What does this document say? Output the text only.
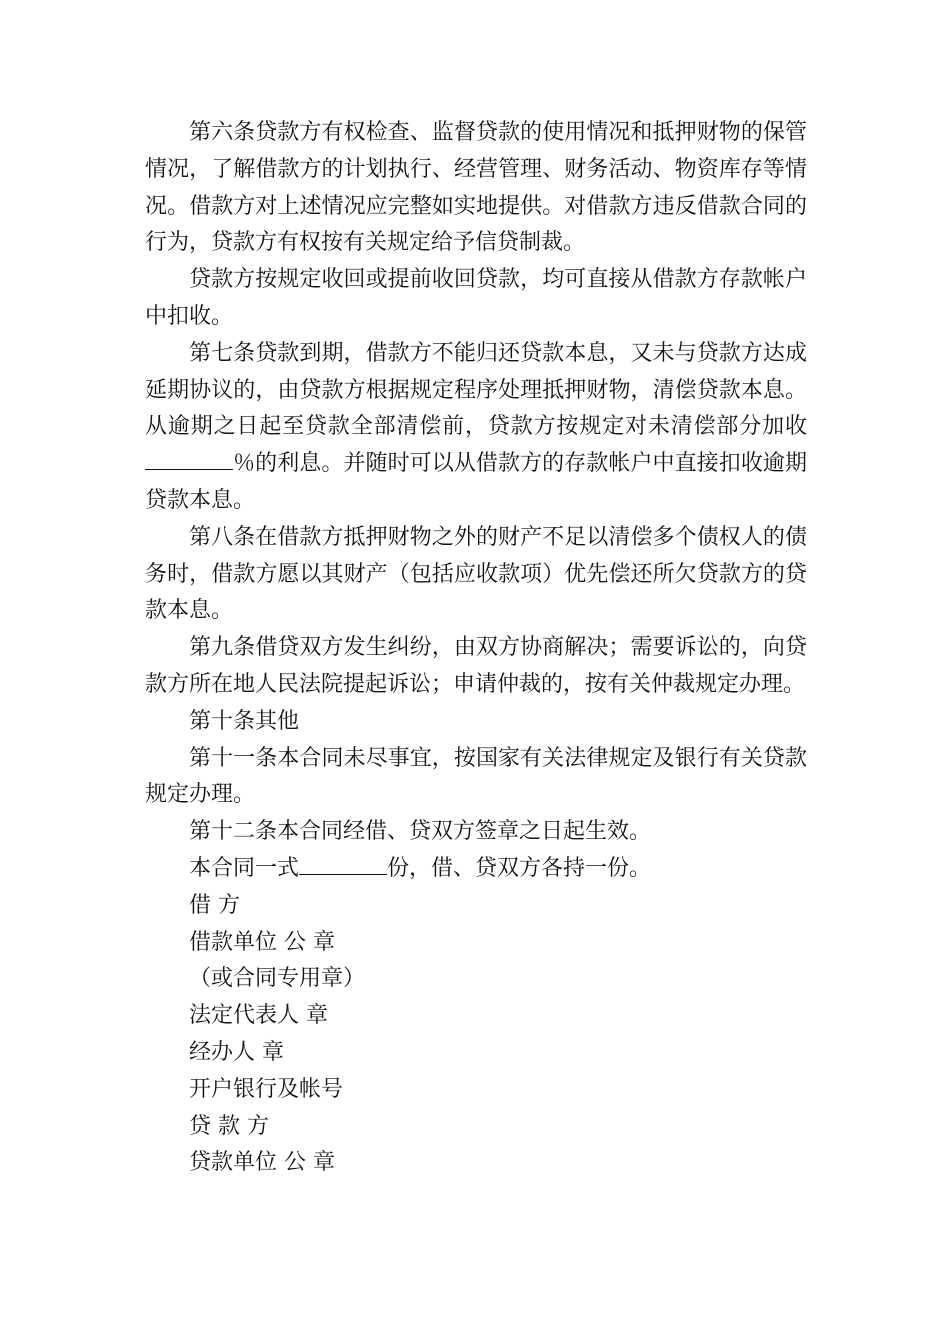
第六条贷款方有权检查、监督贷款的使用情况和抵押财物的保管情况，了解借款方的计划执行、经营管理、财务活动、物资库存等情况。借款方对上述情况应完整如实地提供。对借款方违反借款合同的行为，贷款方有权按有关规定给予信贷制裁。

贷款方按规定收回或提前收回贷款，均可直接从借款方存款帐户中扣收。

第七条贷款到期，借款方不能归还贷款本息，又未与贷款方达成延期协议的，由贷款方根据规定程序处理抵押财物，清偿贷款本息。从逾期之日起至贷款全部清偿前，贷款方按规定对未清偿部分加收％的利息。并随时可以从借款方的存款帐户中直接扣收逾期贷款本息。

第八条在借款方抵押财物之外的财产不足以清偿多个债权人的债务时，借款方愿以其财产（包括应收款项）优先偿还所欠贷款方的贷款本息。

第九条借贷双方发生纠纷，由双方协商解决；需要诉讼的，向贷款方所在地人民法院提起诉讼；申请仲裁的，按有关仲裁规定办理。

第十条其他

第十一条本合同未尽事宜，按国家有关法律规定及银行有关贷款规定办理。

第十二条本合同经借、贷双方签章之日起生效。

本合同一式	份，借、贷双方各持一份。

借 方

借款单位 公 章

（或合同专用章）

法定代表人 章

经办人 章

开户银行及帐号

贷 款 方

贷款单位 公 章
